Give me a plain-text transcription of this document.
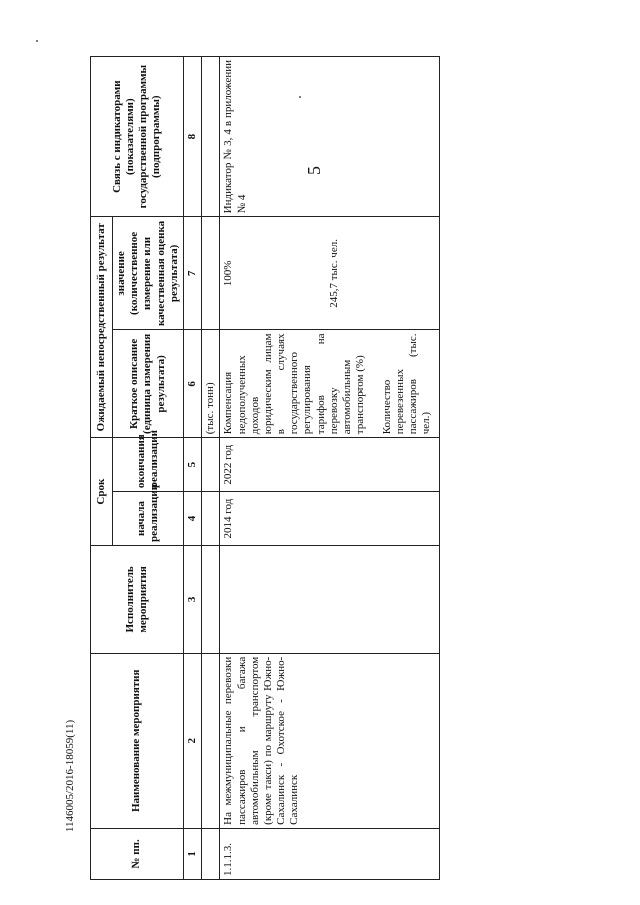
5
№ пп.	Наименование мероприятия	Исполнитель мероприятия	Срок		Ожидаемый непосредственный результат		Связь с индикаторами (показателями) государственной программы (подпрограммы)
			начала реализации	окончания реализации	Краткое описание (единица измерения результата)	значение (количественное измерение или качественная оценка результата)	
1	2	3	4	5	6	7	8
					(тыс. тонн)		
1.1.1.3.	На межмуниципальные перевозки пассажиров и багажа автомобильным транспортом (кроме такси) по маршруту Южно-Сахалинск - Охотское - Южно-Сахалинск		2014 год	2022 год	Компенсация недополученных доходов юридическим лицам в случаях государственного регулирования тарифов на перевозку автомобильным транспортом (%) Количество перевезенных пассажиров (тыс. чел.)	100% 245,7 тыс. чел.	Индикатор № 3, 4 в приложении № 4
1146005/2016-18059(11)
